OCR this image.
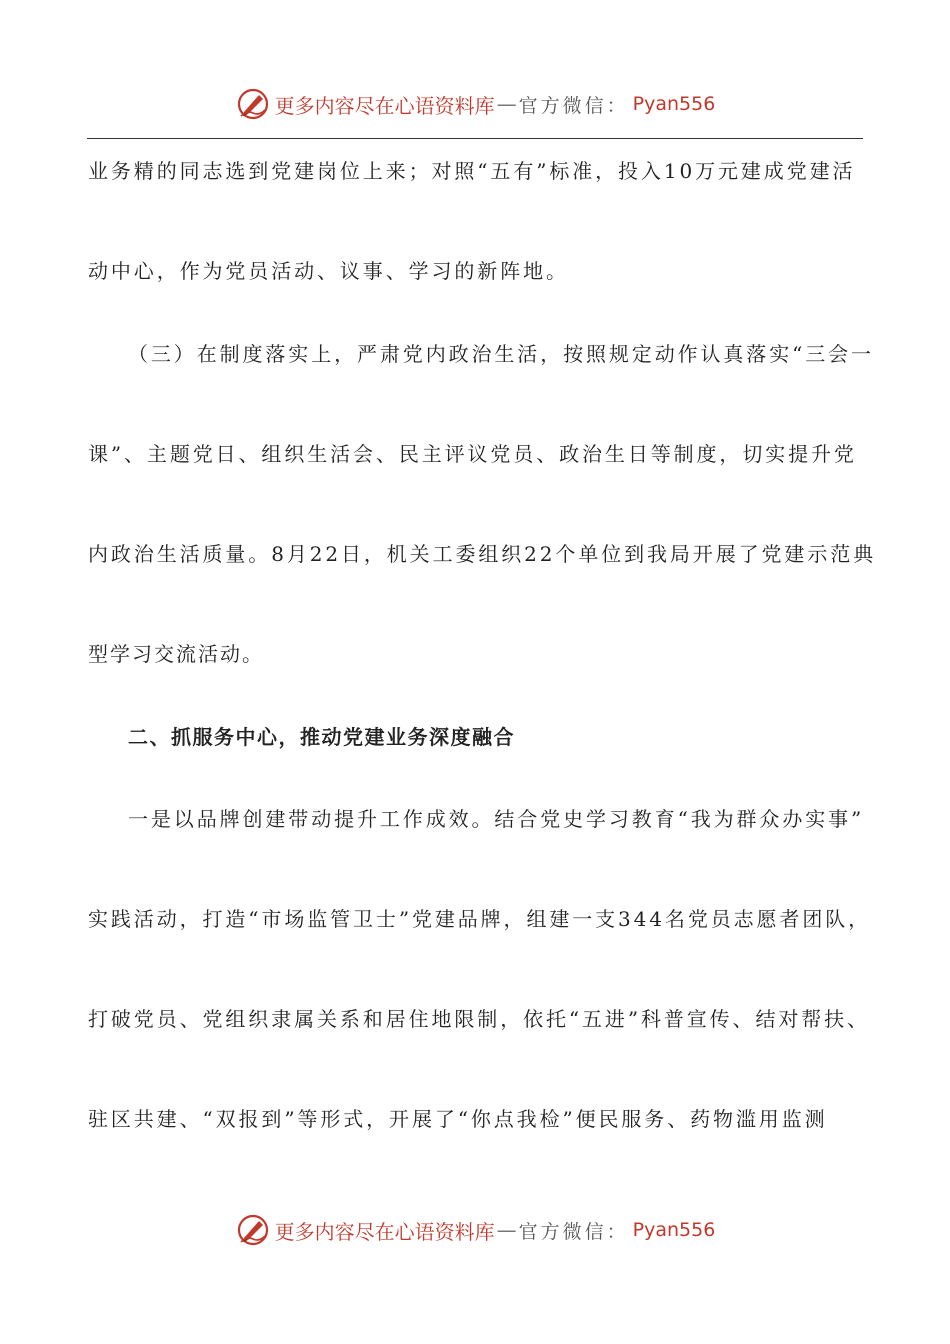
更多内容尽在心语资料库 — 官方微信： Pyan556
业务精的同志选到党建岗位上来；对照“五有”标准，投入10万元建成党建活
动中心，作为党员活动、议事、学习的新阵地。
（三）在制度落实上，严肃党内政治生活，按照规定动作认真落实“三会一
课”、主题党日、组织生活会、民主评议党员、政治生日等制度，切实提升党
内政治生活质量。8月22日，机关工委组织22个单位到我局开展了党建示范典
型学习交流活动。
二、抓服务中心，推动党建业务深度融合
一是以品牌创建带动提升工作成效。结合党史学习教育“我为群众办实事”
实践活动，打造“市场监管卫士”党建品牌，组建一支344名党员志愿者团队，
打破党员、党组织隶属关系和居住地限制，依托“五进”科普宣传、结对帮扶、
驻区共建、“双报到”等形式，开展了“你点我检”便民服务、药物滥用监测
更多内容尽在心语资料库 — 官方微信： Pyan556
